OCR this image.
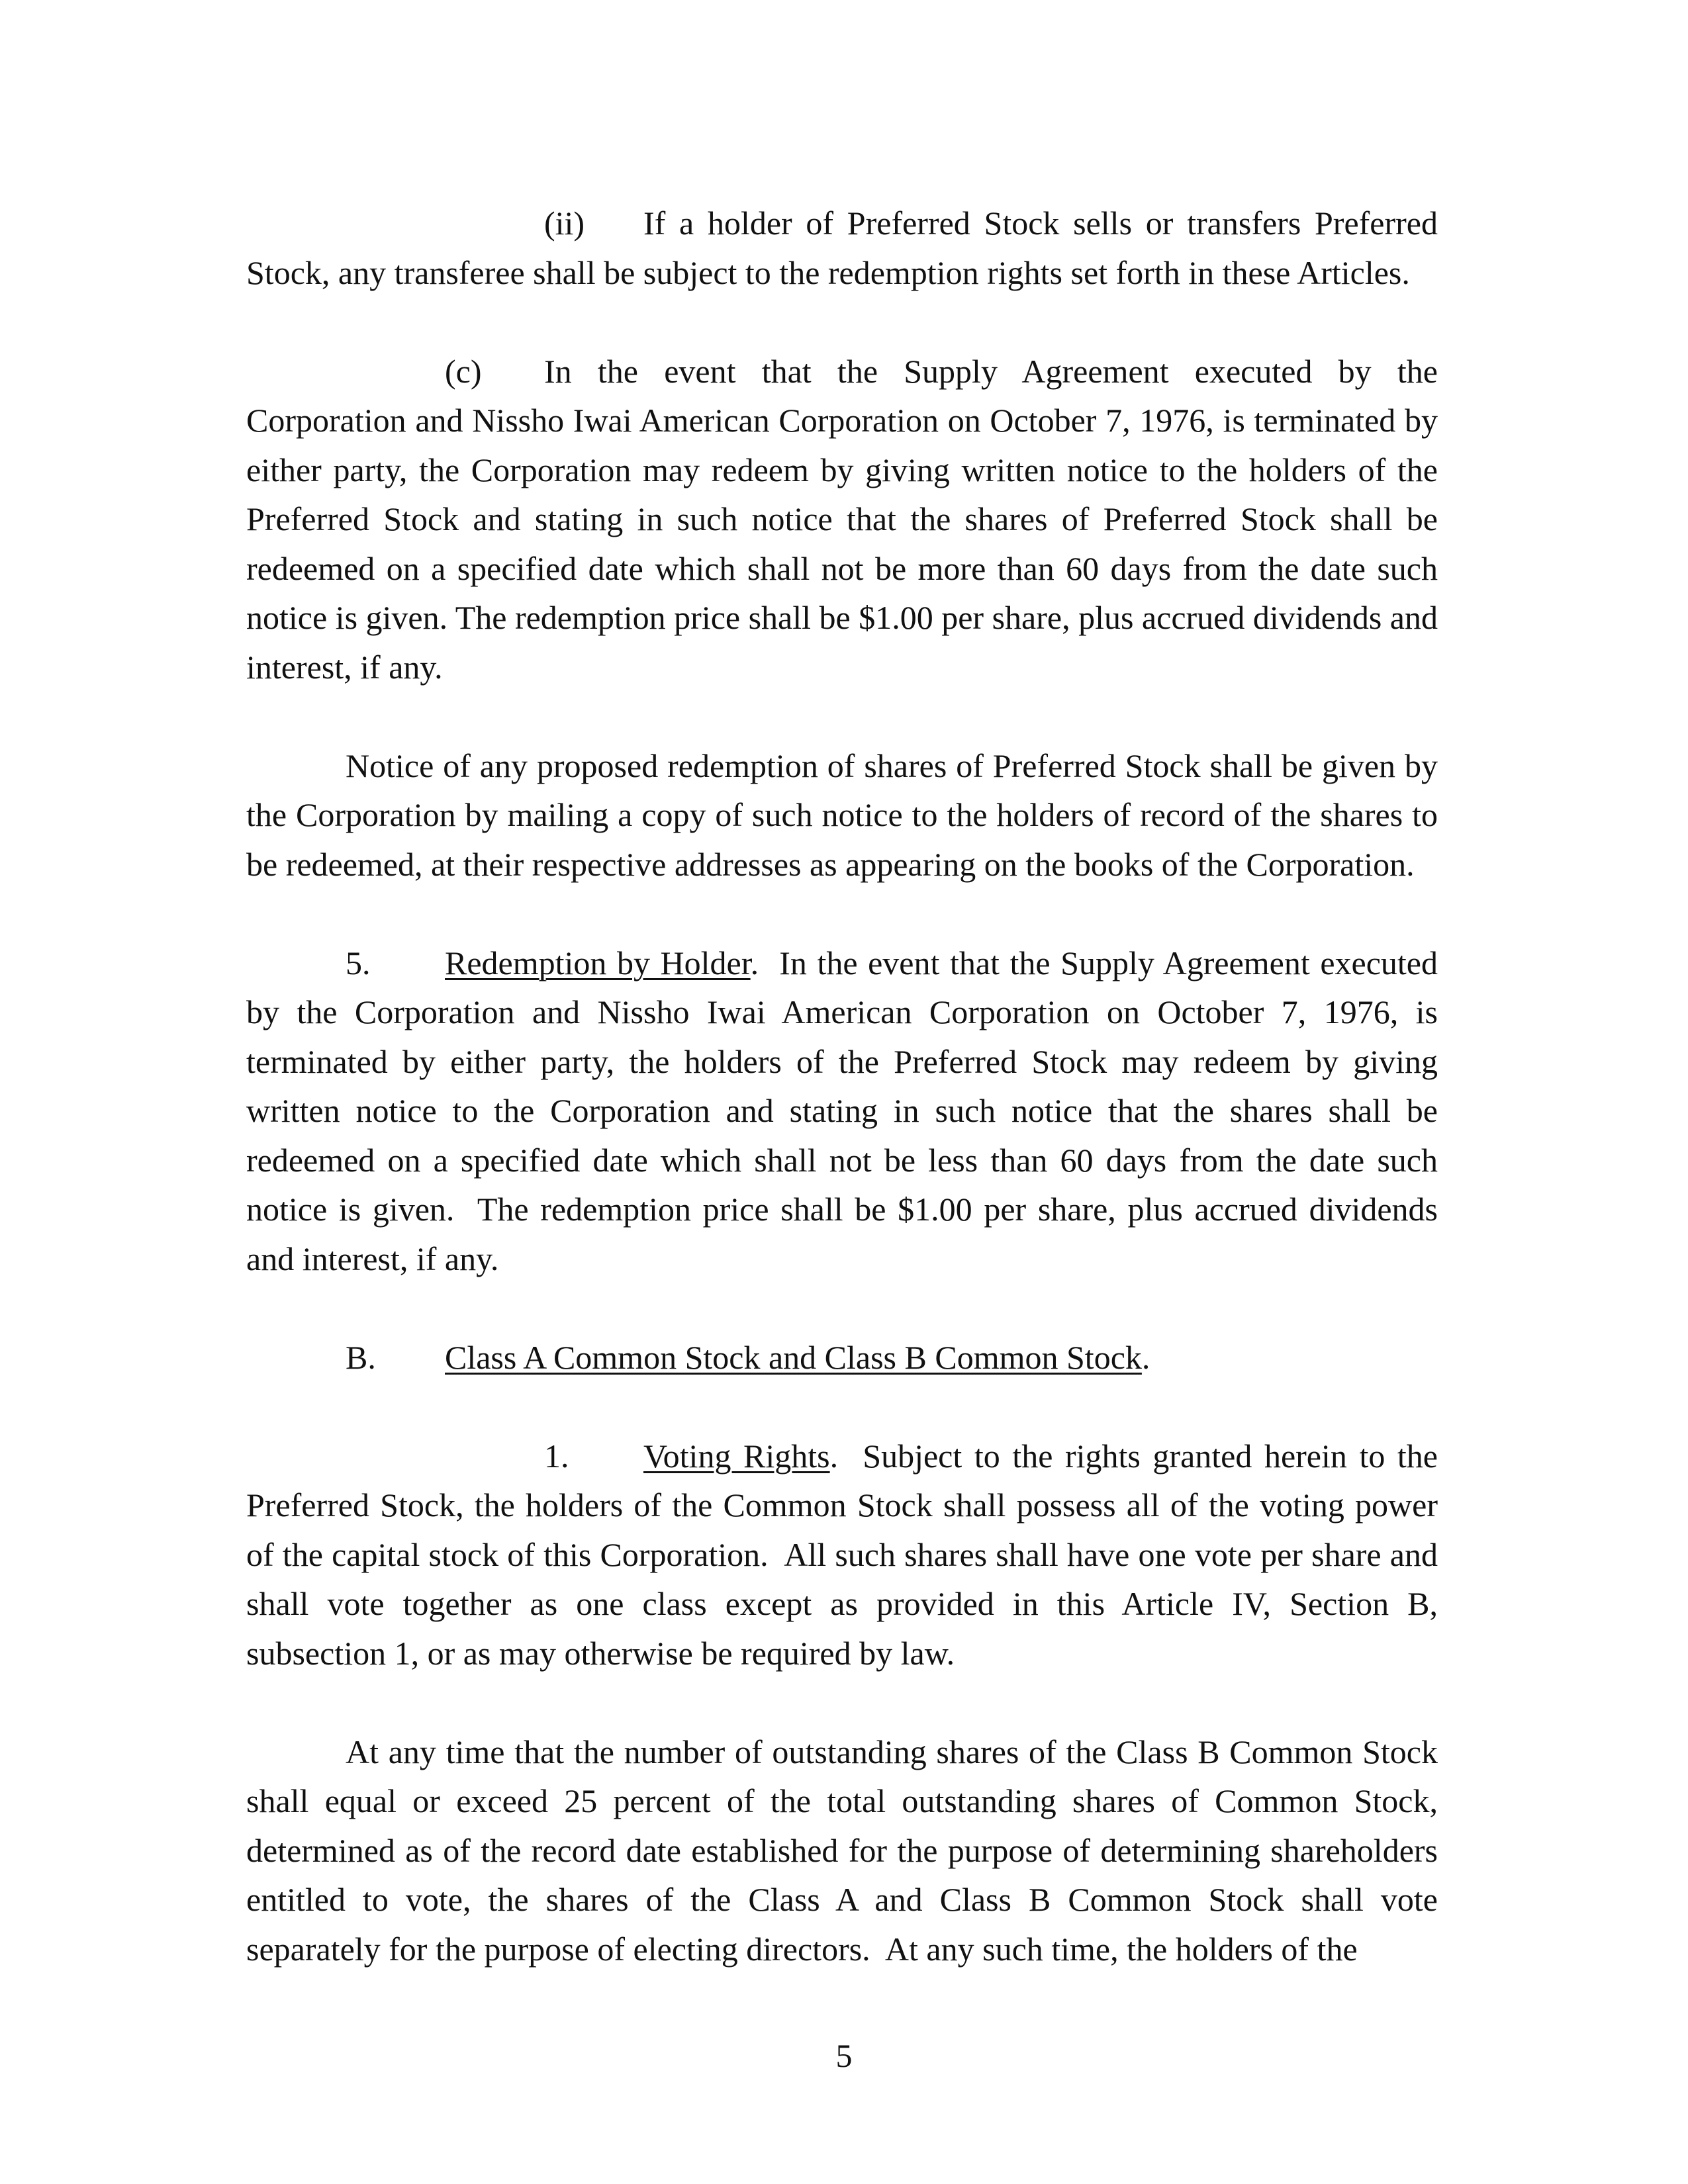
(ii) If a holder of Preferred Stock sells or transfers Preferred Stock, any transferee shall be subject to the redemption rights set forth in these Articles.

(c) In the event that the Supply Agreement executed by the Corporation and Nissho Iwai American Corporation on October 7, 1976, is terminated by either party, the Corporation may redeem by giving written notice to the holders of the Preferred Stock and stating in such notice that the shares of Preferred Stock shall be redeemed on a specified date which shall not be more than 60 days from the date such notice is given. The redemption price shall be $1.00 per share, plus accrued dividends and interest, if any.

Notice of any proposed redemption of shares of Preferred Stock shall be given by the Corporation by mailing a copy of such notice to the holders of record of the shares to be redeemed, at their respective addresses as appearing on the books of the Corporation.

5. Redemption by Holder.  In the event that the Supply Agreement executed by the Corporation and Nissho Iwai American Corporation on October 7, 1976, is terminated by either party, the holders of the Preferred Stock may redeem by giving written notice to the Corporation and stating in such notice that the shares shall be redeemed on a specified date which shall not be less than 60 days from the date such notice is given.  The redemption price shall be $1.00 per share, plus accrued dividends and interest, if any.

B. Class A Common Stock and Class B Common Stock.

1. Voting Rights.  Subject to the rights granted herein to the Preferred Stock, the holders of the Common Stock shall possess all of the voting power of the capital stock of this Corporation.  All such shares shall have one vote per share and shall vote together as one class except as provided in this Article IV, Section B, subsection 1, or as may otherwise be required by law.

At any time that the number of outstanding shares of the Class B Common Stock shall equal or exceed 25 percent of the total outstanding shares of Common Stock, determined as of the record date established for the purpose of determining shareholders entitled to vote, the shares of the Class A and Class B Common Stock shall vote separately for the purpose of electing directors.  At any such time, the holders of the

5
